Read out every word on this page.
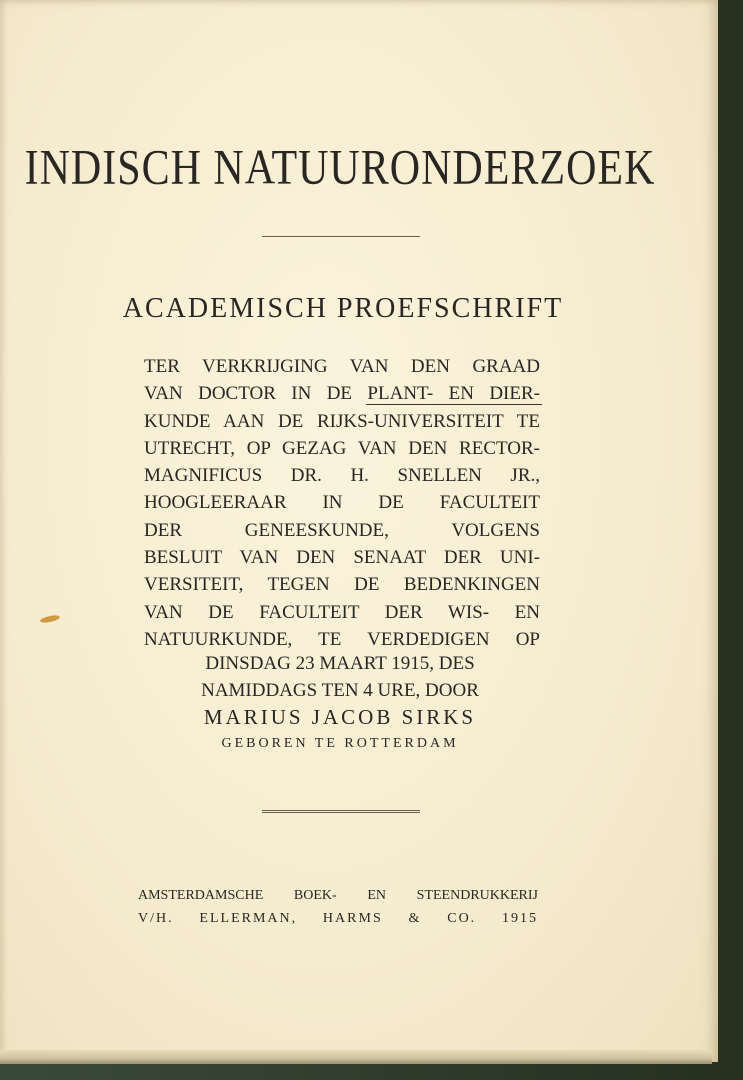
INDISCH NATUURONDERZOEK
ACADEMISCH PROEFSCHRIFT
TER VERKRIJGING VAN DEN GRAAD
VAN DOCTOR IN DE PLANT- EN DIER-
KUNDE AAN DE RIJKS-UNIVERSITEIT TE
UTRECHT, OP GEZAG VAN DEN RECTOR-
MAGNIFICUS DR. H. SNELLEN JR.,
HOOGLEERAAR IN DE FACULTEIT
DER GENEESKUNDE, VOLGENS
BESLUIT VAN DEN SENAAT DER UNI-
VERSITEIT, TEGEN DE BEDENKINGEN
VAN DE FACULTEIT DER WIS- EN
NATUURKUNDE, TE VERDEDIGEN OP
DINSDAG 23 MAART 1915, DES
NAMIDDAGS TEN 4 URE, DOOR
MARIUS JACOB SIRKS
GEBOREN TE ROTTERDAM
AMSTERDAMSCHE BOEK- EN STEENDRUKKERIJ
V/H. ELLERMAN, HARMS & CO. 1915
